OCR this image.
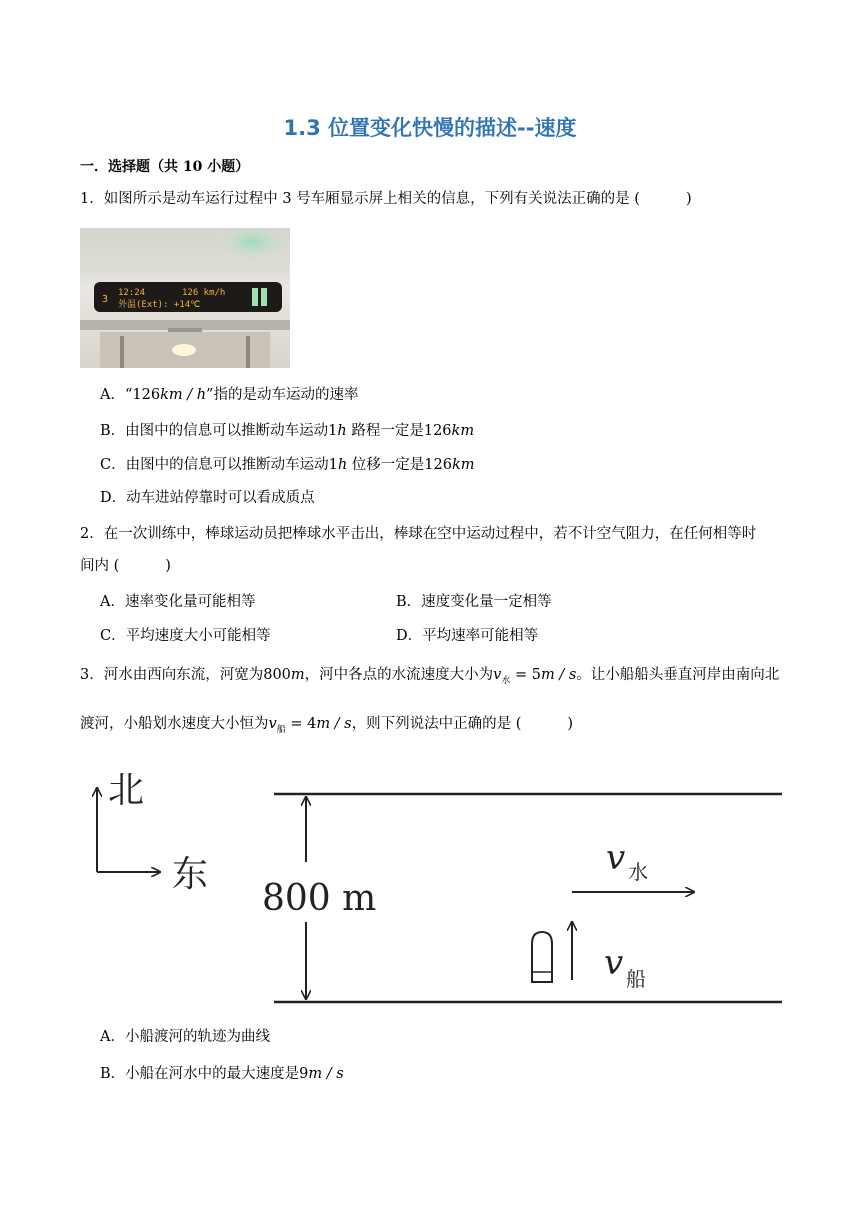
1.3 位置变化快慢的描述--速度
一．选择题（共 10 小题）
1．如图所示是动车运行过程中 3 号车厢显示屏上相关的信息，下列有关说法正确的是 (	)
3
12:24	126 km/h
外温(Ext): +14℃
A．“126km / h”指的是动车运动的速率
B．由图中的信息可以推断动车运动1h 路程一定是126km
C．由图中的信息可以推断动车运动1h 位移一定是126km
D．动车进站停靠时可以看成质点
2．在一次训练中，棒球运动员把棒球水平击出，棒球在空中运动过程中，若不计空气阻力，在任何相等时
间内 (	)
A．速率变化量可能相等	B．速度变化量一定相等
C．平均速度大小可能相等	D．平均速率可能相等
3．河水由西向东流，河宽为800m，河中各点的水流速度大小为$v_水 = 5m / s$。让小船船头垂直河岸由南向北
渡河，小船划水速度大小恒为$v_船 = 4m / s$，则下列说法中正确的是 (	)
北
东
800 m
v 水
v 船
A．小船渡河的轨迹为曲线
B．小船在河水中的最大速度是9m / s
